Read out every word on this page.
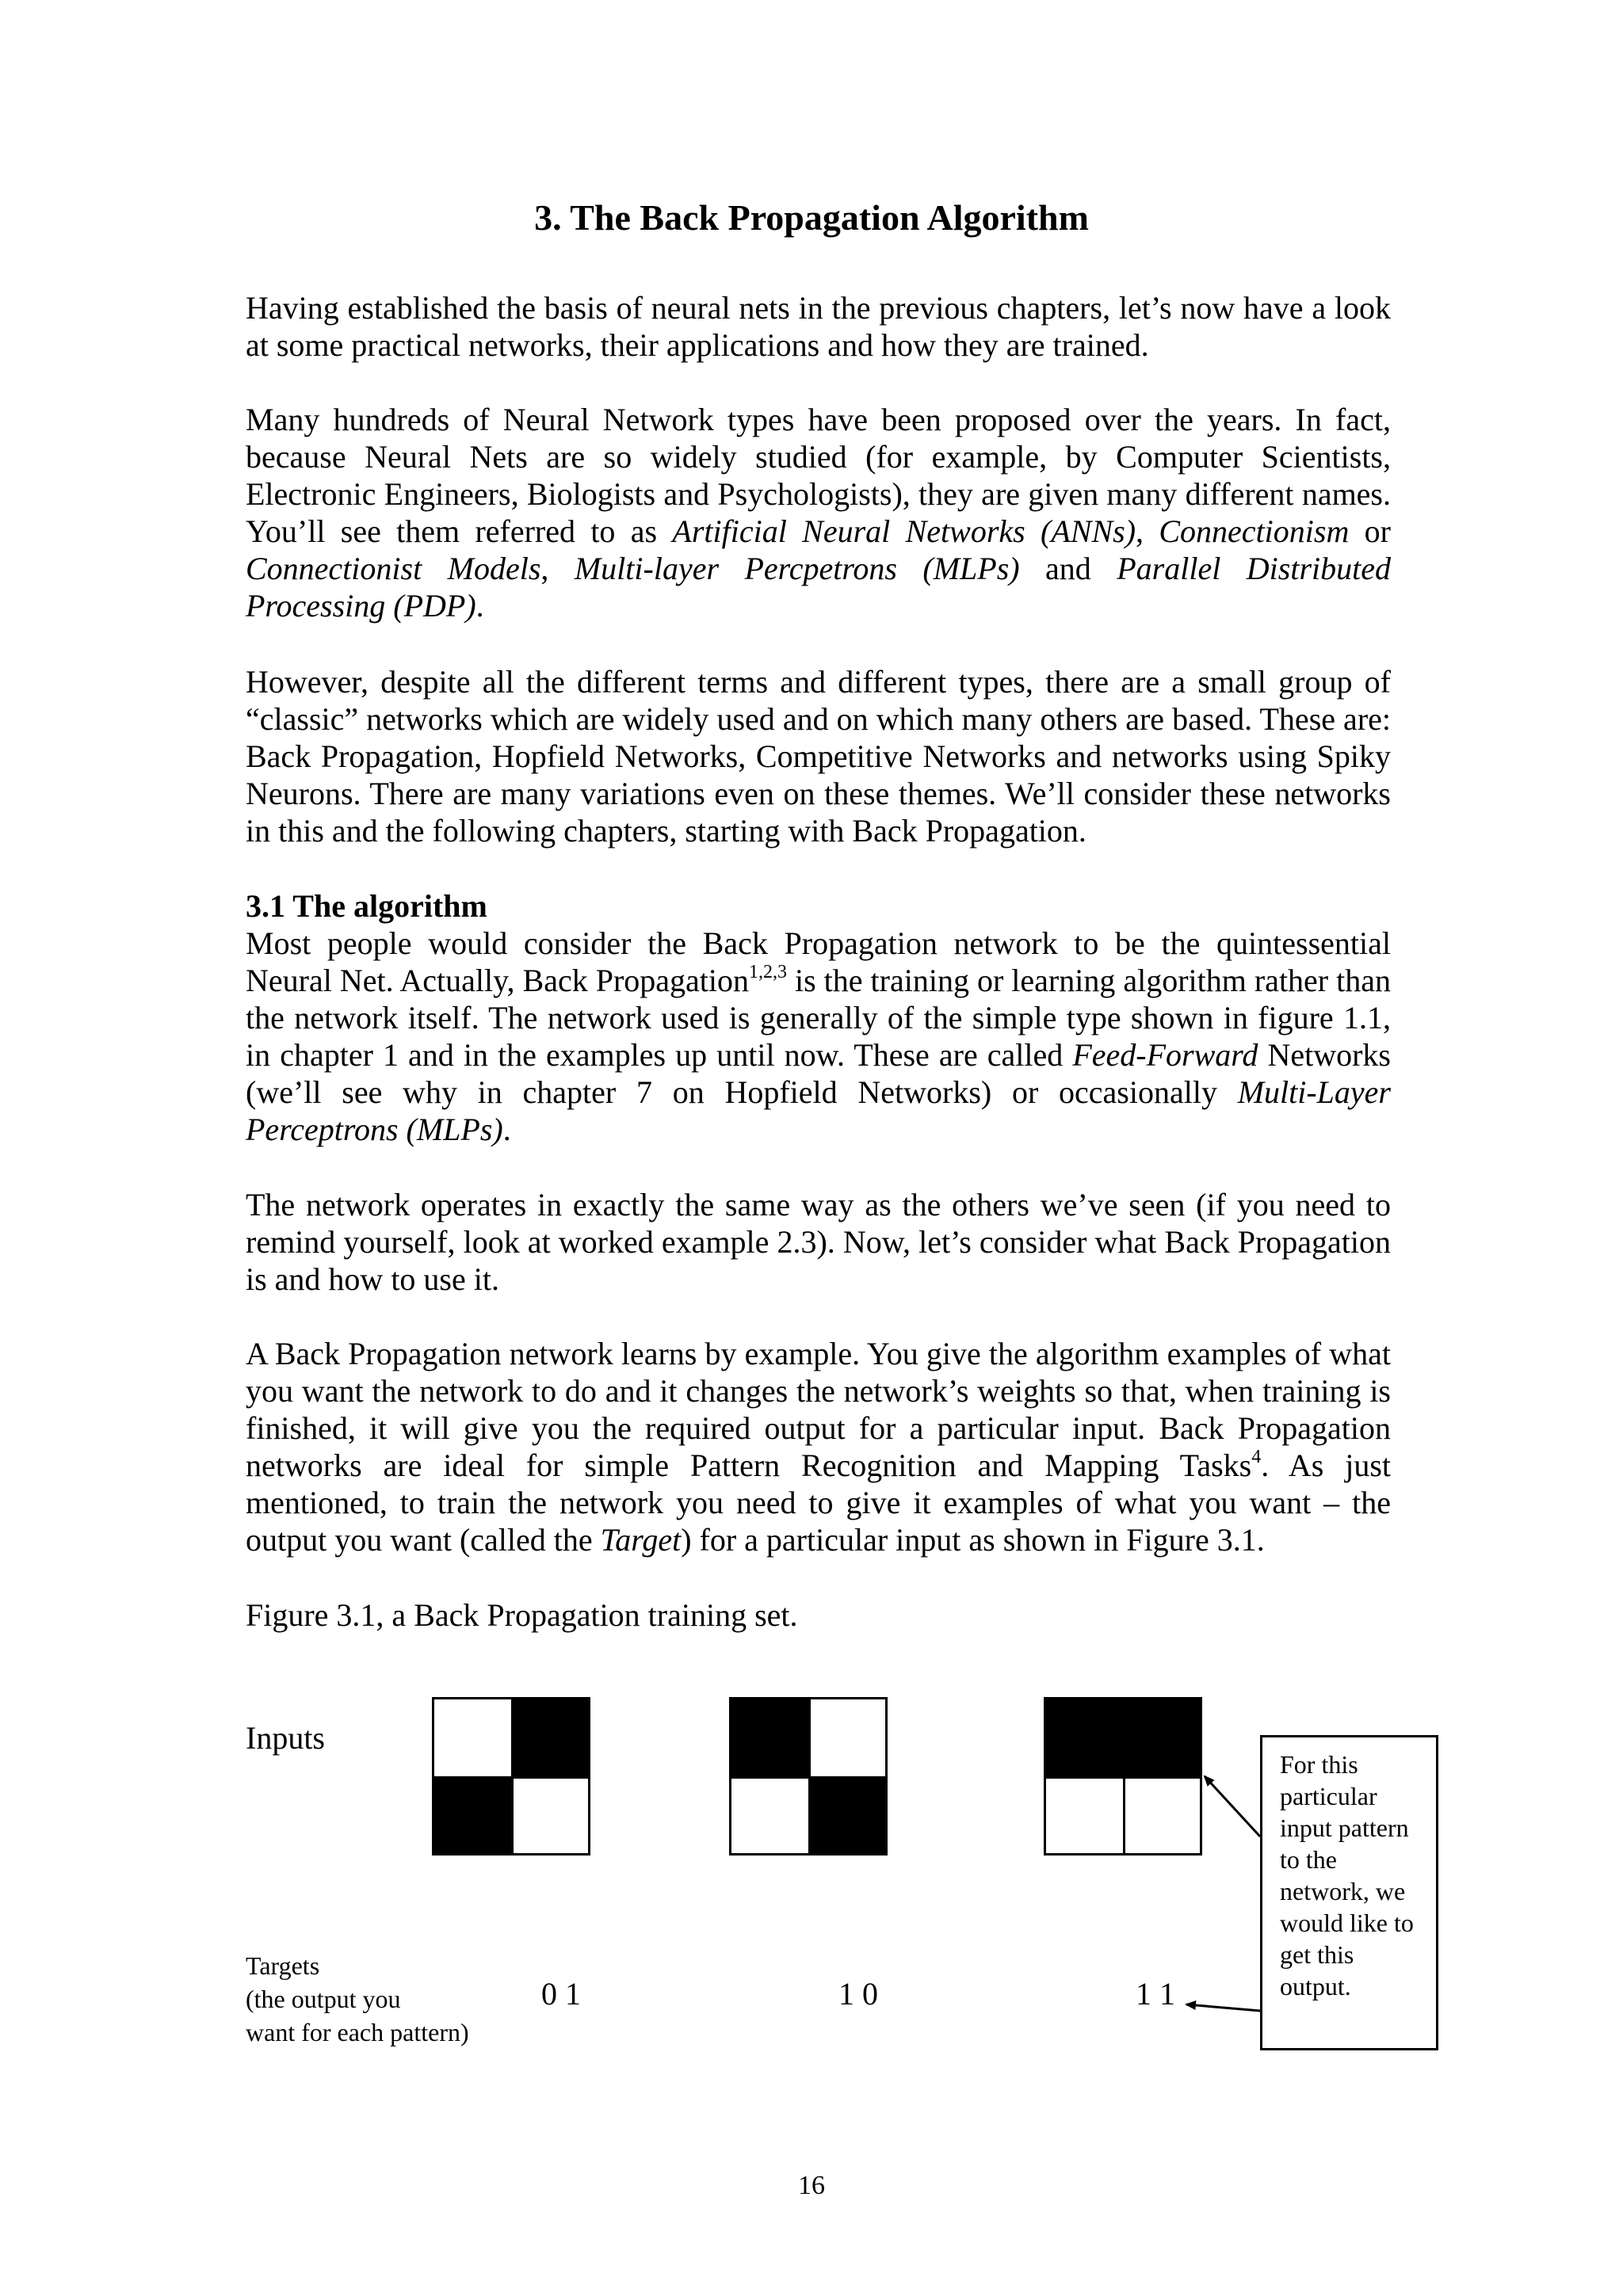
3. The Back Propagation Algorithm

Having established the basis of neural nets in the previous chapters, let’s now have a look at some practical networks, their applications and how they are trained.

Many hundreds of Neural Network types have been proposed over the years. In fact, because Neural Nets are so widely studied (for example, by Computer Scientists, Electronic Engineers, Biologists and Psychologists), they are given many different names. You’ll see them referred to as Artificial Neural Networks (ANNs), Connectionism or Connectionist Models, Multi-layer Percpetrons (MLPs) and Parallel Distributed Processing (PDP).

However, despite all the different terms and different types, there are a small group of “classic” networks which are widely used and on which many others are based. These are: Back Propagation, Hopfield Networks, Competitive Networks and networks using Spiky Neurons. There are many variations even on these themes. We’ll consider these networks in this and the following chapters, starting with Back Propagation.

3.1 The algorithm
Most people would consider the Back Propagation network to be the quintessential Neural Net. Actually, Back Propagation$^{1,2,3}$ is the training or learning algorithm rather than the network itself. The network used is generally of the simple type shown in figure 1.1, in chapter 1 and in the examples up until now. These are called Feed-Forward Networks (we’ll see why in chapter 7 on Hopfield Networks) or occasionally Multi-Layer Perceptrons (MLPs).

The network operates in exactly the same way as the others we’ve seen (if you need to remind yourself, look at worked example 2.3). Now, let’s consider what Back Propagation is and how to use it.

A Back Propagation network learns by example. You give the algorithm examples of what you want the network to do and it changes the network’s weights so that, when training is finished, it will give you the required output for a particular input. Back Propagation networks are ideal for simple Pattern Recognition and Mapping Tasks$^4$. As just mentioned, to train the network you need to give it examples of what you want – the output you want (called the Target) for a particular input as shown in Figure 3.1.

Figure 3.1, a Back Propagation training set.

Inputs

Targets
(the output you
want for each pattern)

0 1	1 0	1 1

For this particular input pattern to the network, we would like to get this output.

16
